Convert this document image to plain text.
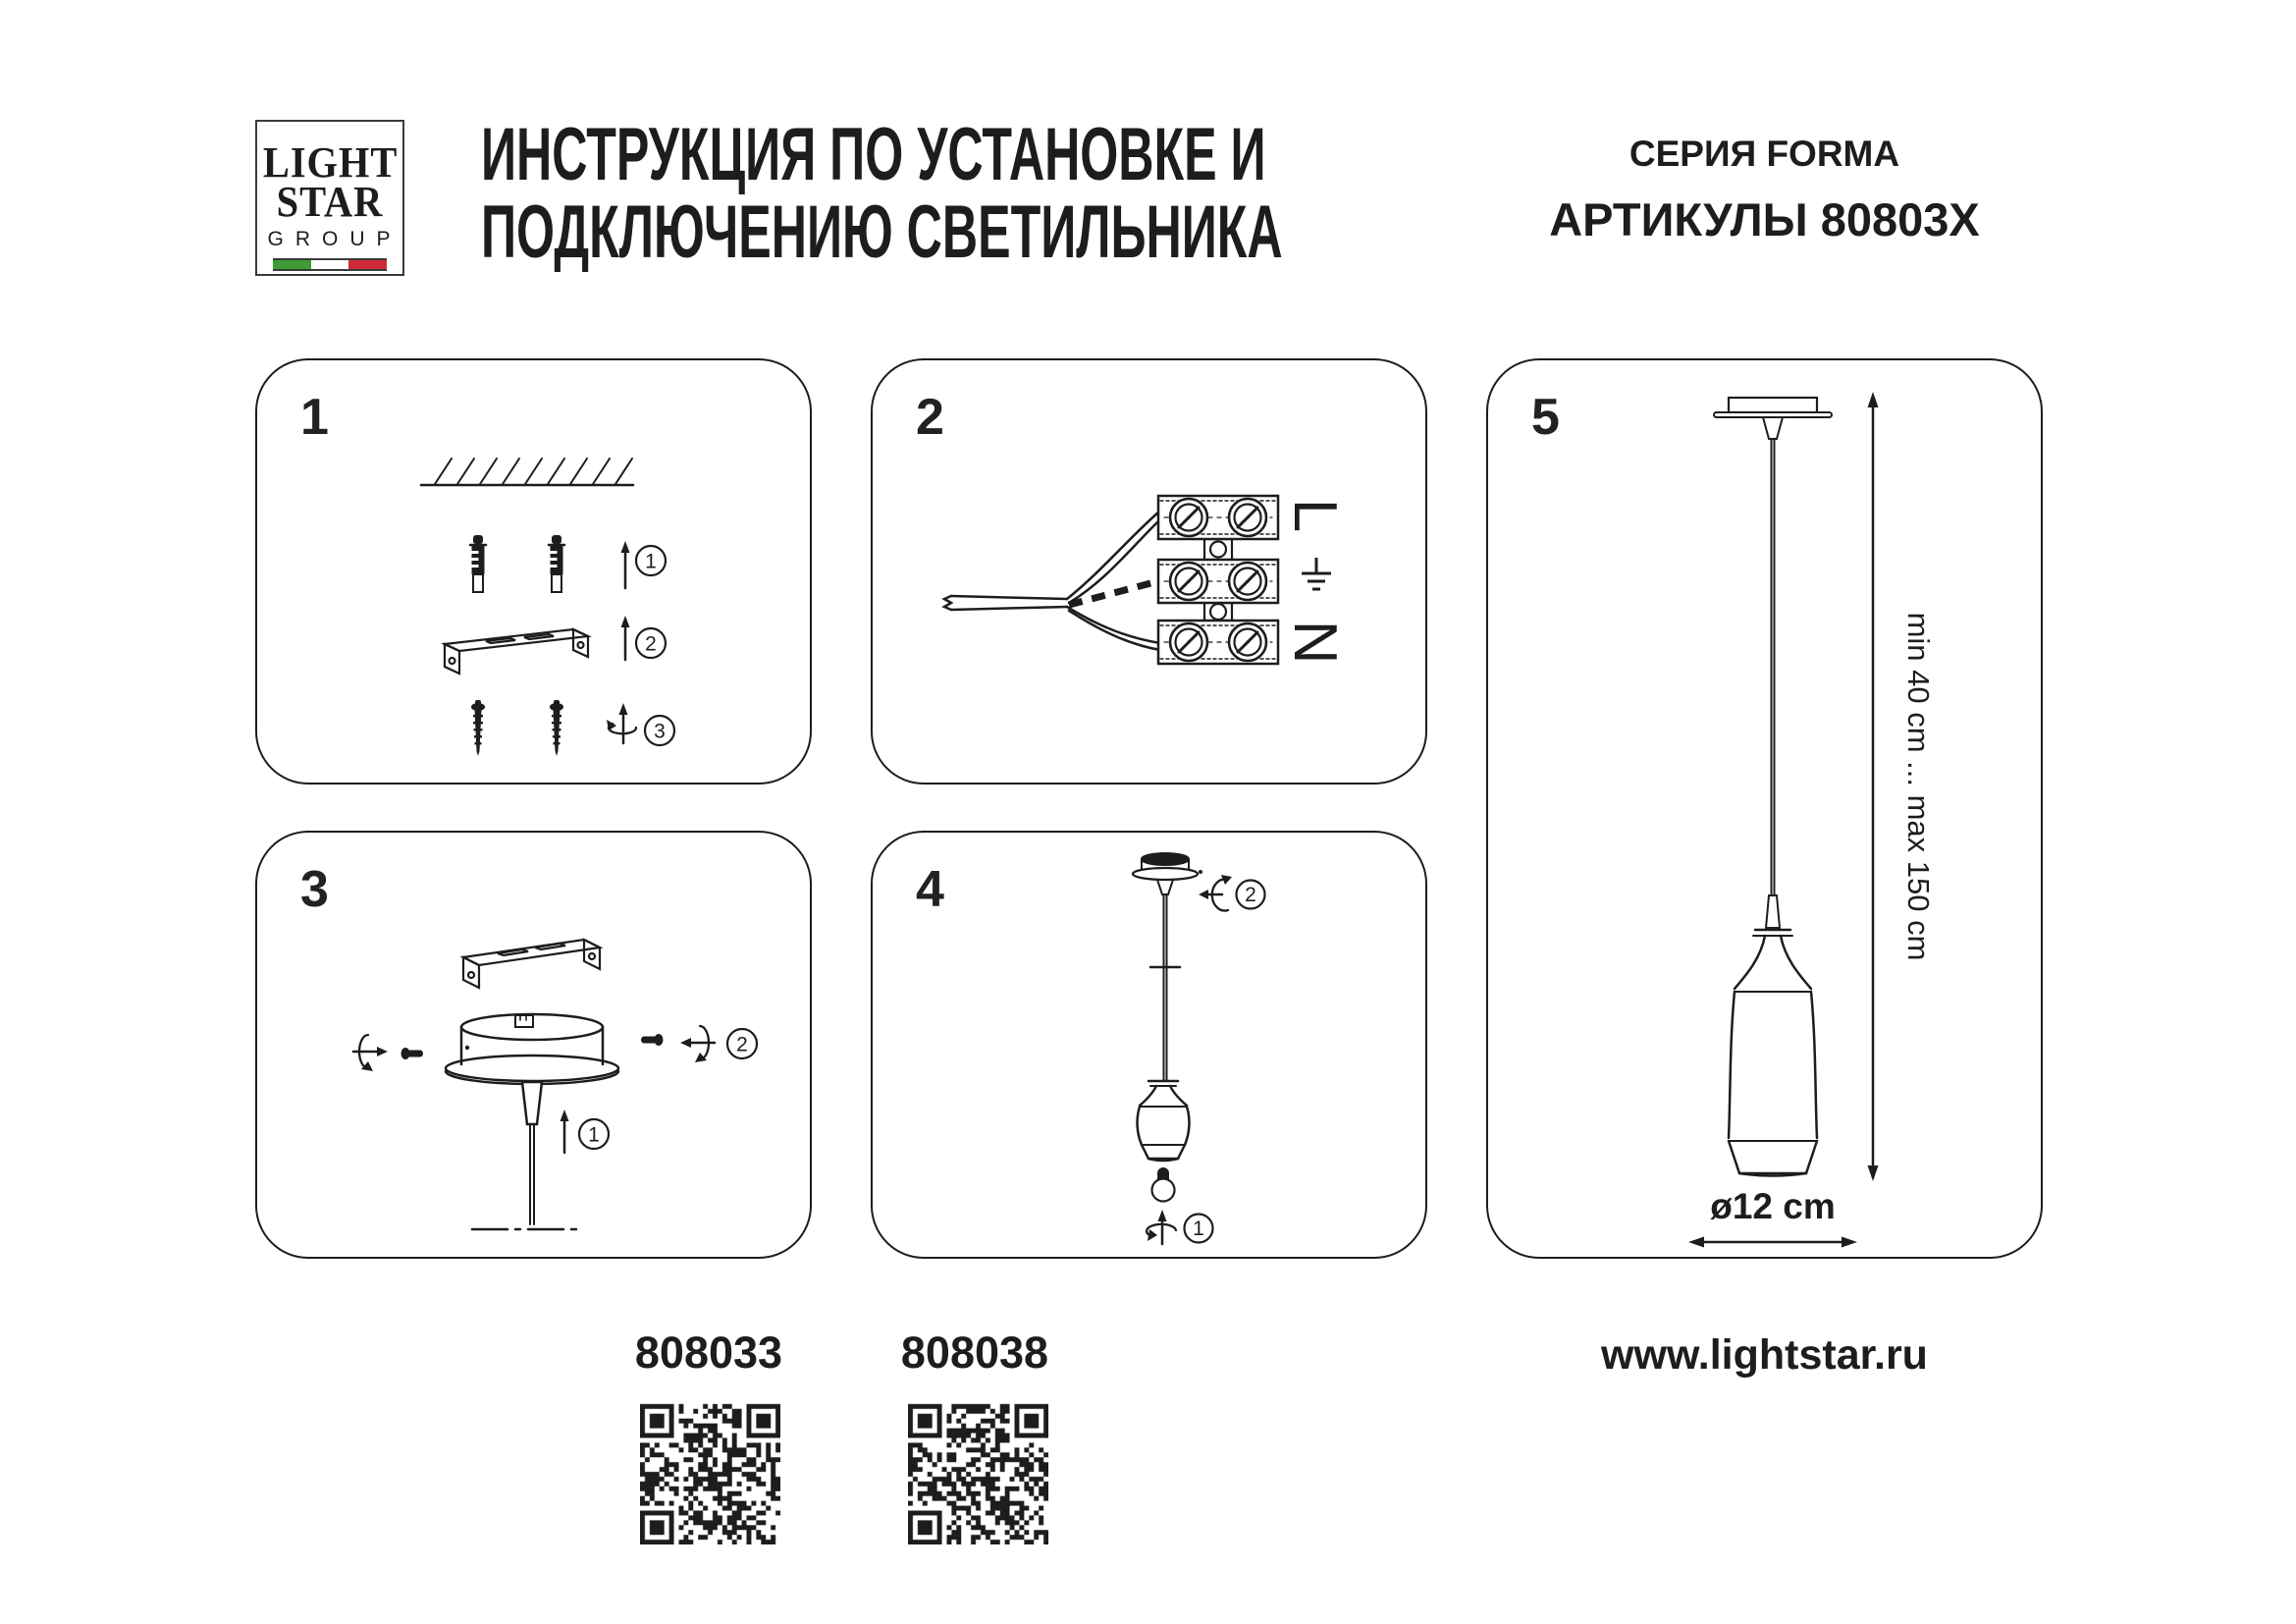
LIGHT
STAR
GROUP
ИНСТРУКЦИЯ ПО УСТАНОВКЕ И
ПОДКЛЮЧЕНИЮ СВЕТИЛЬНИКА
СЕРИЯ FORMA
АРТИКУЛЫ 80803X
1
1
2
3
2
L
N
3
1
2
4	2
1
5
min 40 cm ... max 150 cm
ø12 cm
808033	808038	www.lightstar.ru
